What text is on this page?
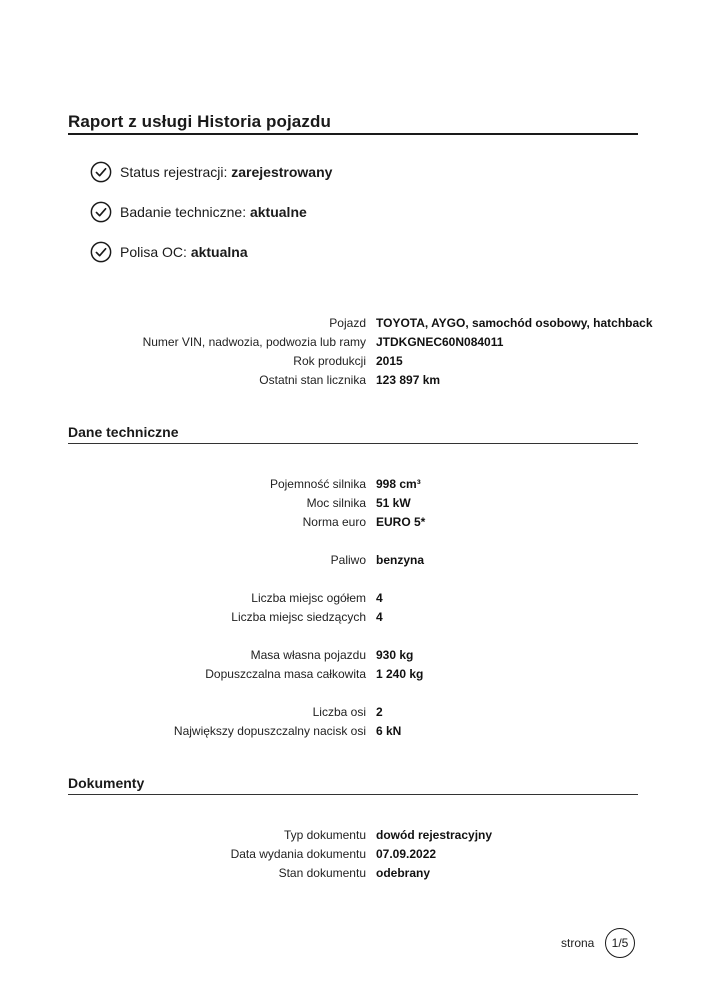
Raport z usługi Historia pojazdu
Status rejestracji:
zarejestrowany
Badanie techniczne:
aktualne
Polisa OC:
aktualna
Pojazd TOYOTA, AYGO, samochód osobowy, hatchback
Numer VIN, nadwozia, podwozia lub ramy JTDKGNEC60N084011
Rok produkcji 2015
Ostatni stan licznika 123 897 km
Dane techniczne
Pojemność silnika 998 cm³
Moc silnika 51 kW
Norma euro EURO 5*
Paliwo benzyna
Liczba miejsc ogółem 4
Liczba miejsc siedzących 4
Masa własna pojazdu 930 kg
Dopuszczalna masa całkowita 1 240 kg
Liczba osi 2
Największy dopuszczalny nacisk osi 6 kN
Dokumenty
Typ dokumentu dowód rejestracyjny
Data wydania dokumentu 07.09.2022
Stan dokumentu odebrany
strona 1/5
